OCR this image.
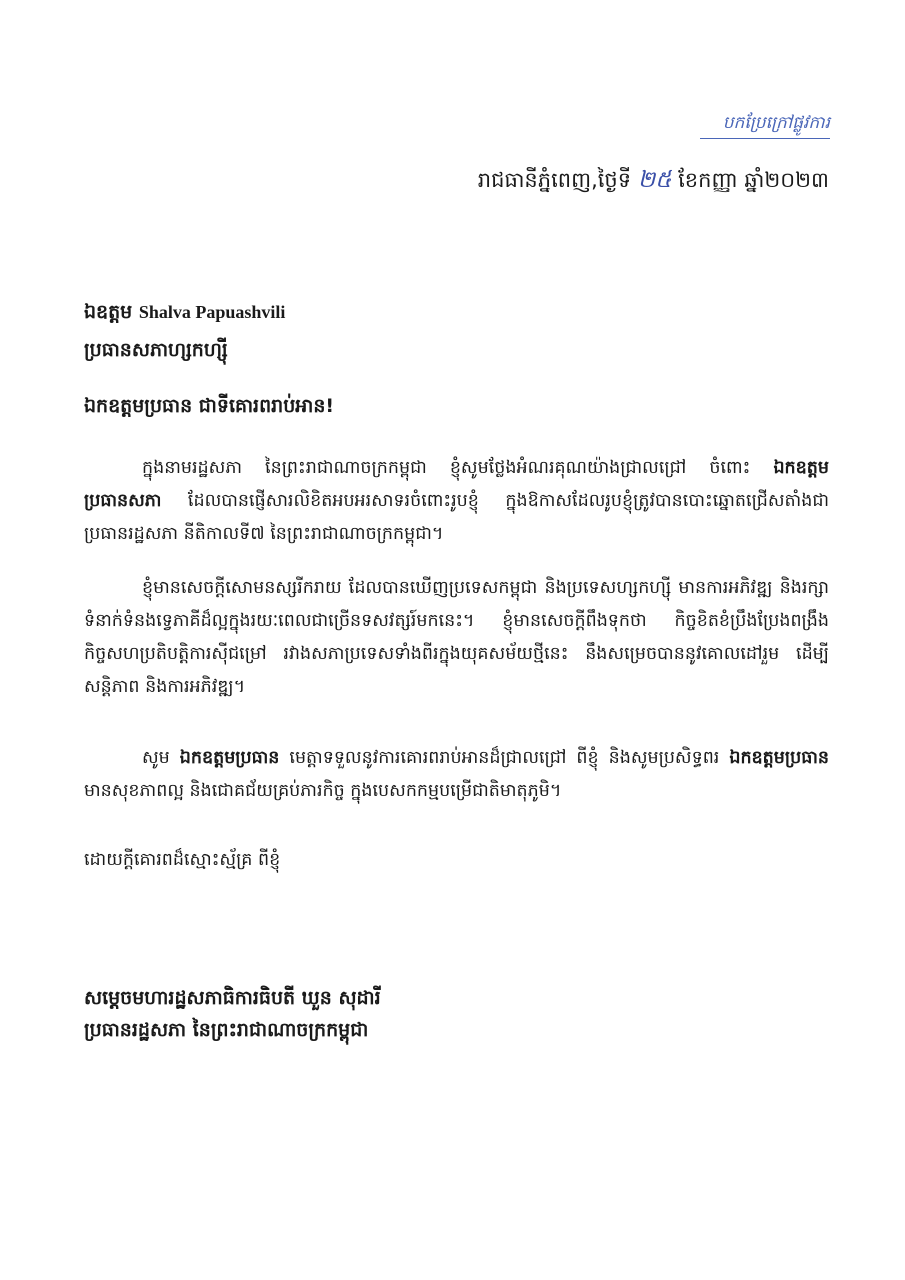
បកប្រែក្រៅផ្លូវការ

រាជធានីភ្នំពេញ,ថ្ងៃទី ២៥ ខែកញ្ញា ឆ្នាំ២០២៣

ឯឧត្តម Shalva Papuashvili

ប្រធានសភាហ្សកហ្ស៊ី

ឯកឧត្តមប្រធាន ជាទីគោរពរាប់អាន!

ក្នុងនាមរដ្ឋសភា នៃព្រះរាជាណាចក្រកម្ពុជា ខ្ញុំសូមថ្លែងអំណរគុណយ៉ាងជ្រាលជ្រៅ ចំពោះ ឯកឧត្តមប្រធានសភា ដែលបានផ្ញើសារលិខិតអបអរសាទរចំពោះរូបខ្ញុំ ក្នុងឱកាសដែលរូបខ្ញុំត្រូវបានបោះឆ្នោតជ្រើសតាំងជាប្រធានរដ្ឋសភា នីតិកាលទី៧ នៃព្រះរាជាណាចក្រកម្ពុជា។

ខ្ញុំមានសេចក្តីសោមនស្សរីករាយ ដែលបានឃើញប្រទេសកម្ពុជា និងប្រទេសហ្សកហ្ស៊ី មានការអភិវឌ្ឍ និងរក្សាទំនាក់ទំនងទ្វេភាគីដ៏ល្អក្នុងរយៈពេលជាច្រើនទសវត្សរ៍មកនេះ។ ខ្ញុំមានសេចក្តីពឹងទុកថា កិច្ចខិតខំប្រឹងប្រែងពង្រឹងកិច្ចសហប្រតិបត្តិការស៊ីជម្រៅ រវាងសភាប្រទេសទាំងពីរក្នុងយុគសម័យថ្មីនេះ នឹងសម្រេចបាននូវគោលដៅរួម ដើម្បីសន្តិភាព និងការអភិវឌ្ឍ។

សូម ឯកឧត្តមប្រធាន មេត្តាទទួលនូវការគោរពរាប់អានដ៏ជ្រាលជ្រៅ ពីខ្ញុំ និងសូមប្រសិទ្ធពរ ឯកឧត្តមប្រធាន មានសុខភាពល្អ និងជោគជ័យគ្រប់ភារកិច្ច ក្នុងបេសកកម្មបម្រើជាតិមាតុភូមិ។

ដោយក្តីគោរពដ៏ស្មោះស្ម័គ្រ ពីខ្ញុំ

សម្តេចមហារដ្ឋសភាធិការធិបតី ឃួន សុដារី

ប្រធានរដ្ឋសភា នៃព្រះរាជាណាចក្រកម្ពុជា
